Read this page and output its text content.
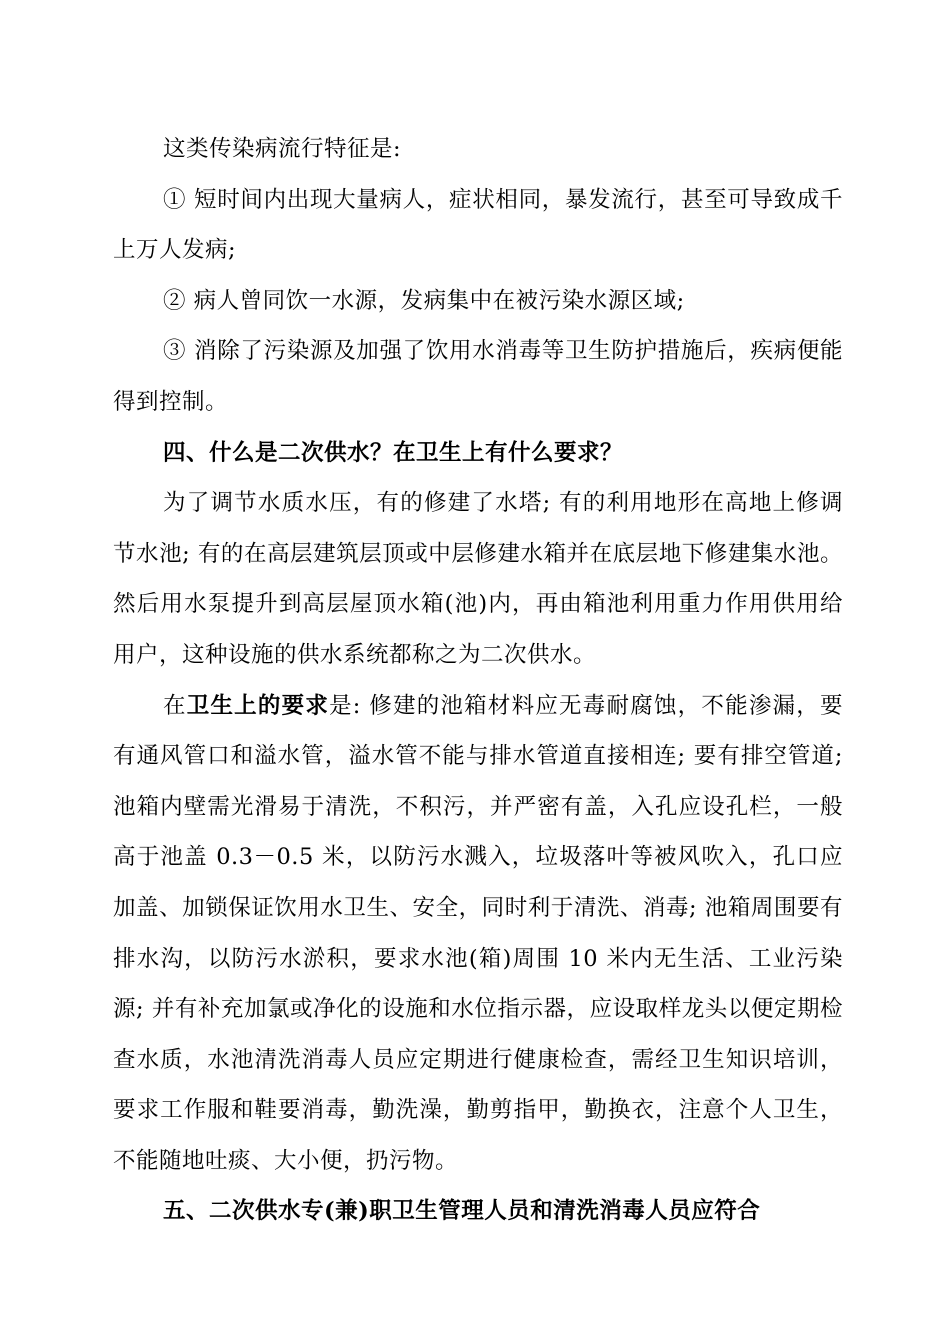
这类传染病流行特征是:

① 短时间内出现大量病人，症状相同，暴发流行，甚至可导致成千上万人发病;

② 病人曾同饮一水源，发病集中在被污染水源区域;

③ 消除了污染源及加强了饮用水消毒等卫生防护措施后，疾病便能得到控制。

四、什么是二次供水？在卫生上有什么要求？

为了调节水质水压，有的修建了水塔; 有的利用地形在高地上修调节水池; 有的在高层建筑层顶或中层修建水箱并在底层地下修建集水池。然后用水泵提升到高层屋顶水箱(池)内，再由箱池利用重力作用供用给用户，这种设施的供水系统都称之为二次供水。

在卫生上的要求是: 修建的池箱材料应无毒耐腐蚀，不能渗漏，要有通风管口和溢水管，溢水管不能与排水管道直接相连; 要有排空管道; 池箱内壁需光滑易于清洗，不积污，并严密有盖，入孔应设孔栏，一般高于池盖 0.3－0.5 米，以防污水溅入，垃圾落叶等被风吹入，孔口应加盖、加锁保证饮用水卫生、安全，同时利于清洗、消毒; 池箱周围要有排水沟，以防污水淤积，要求水池(箱)周围 10 米内无生活、工业污染源; 并有补充加氯或净化的设施和水位指示器，应设取样龙头以便定期检查水质，水池清洗消毒人员应定期进行健康检查，需经卫生知识培训，要求工作服和鞋要消毒，勤洗澡，勤剪指甲，勤换衣，注意个人卫生，不能随地吐痰、大小便，扔污物。

五、二次供水专(兼)职卫生管理人员和清洗消毒人员应符合
